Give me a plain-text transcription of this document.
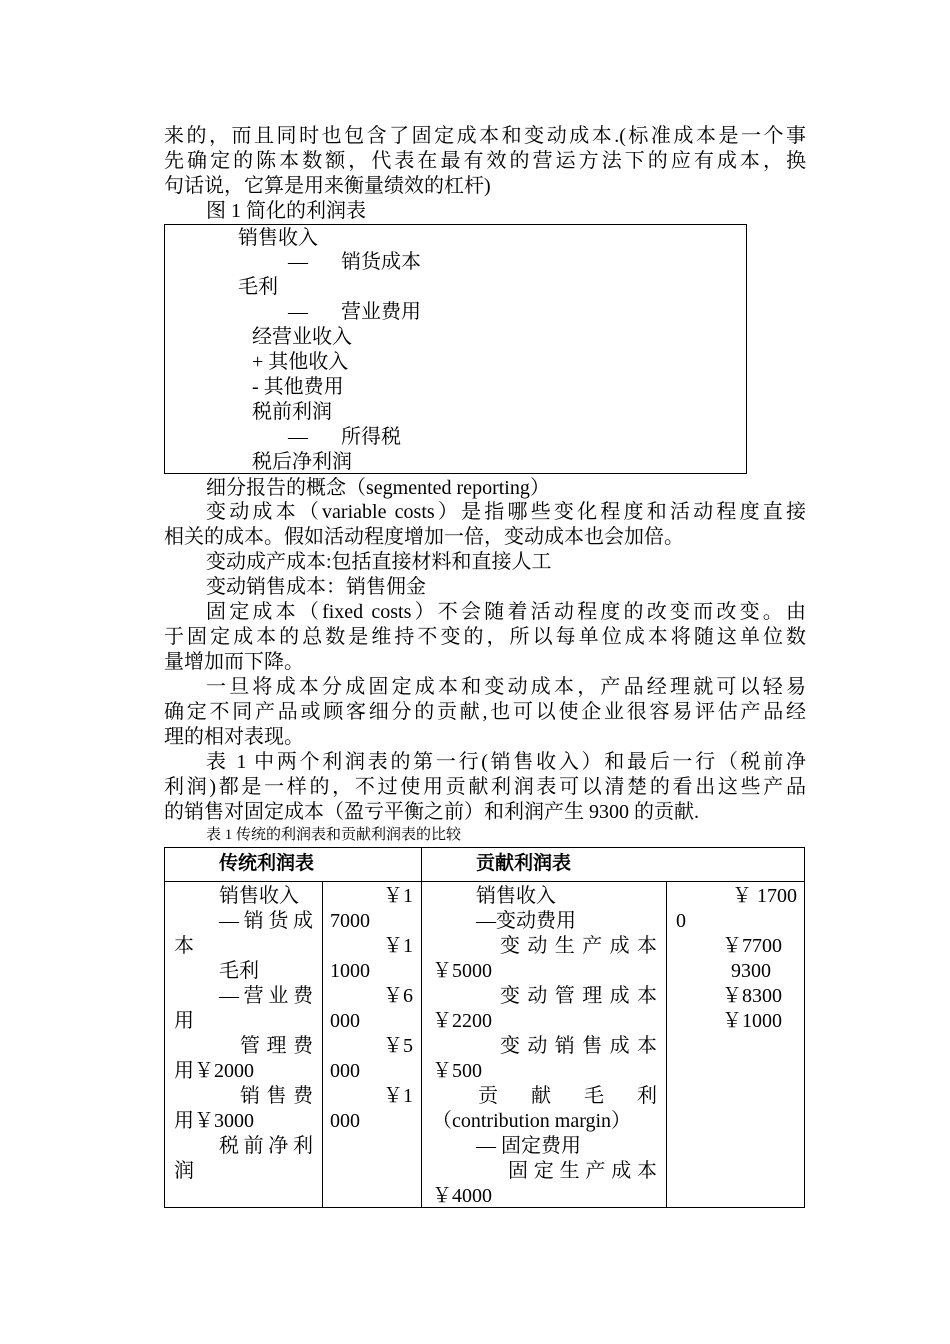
来的，而且同时也包含了固定成本和变动成本.(标准成本是一个事
先确定的陈本数额，代表在最有效的营运方法下的应有成本，换
句话说，它算是用来衡量绩效的杠杆)
图 1 简化的利润表
销售收入
— 销货成本
毛利
— 营业费用
经营业收入
+ 其他收入
- 其他费用
税前利润
— 所得税
税后净利润
细分报告的概念（segmented reporting）
变动成本（variable costs）是指哪些变化程度和活动程度直接
相关的成本。假如活动程度增加一倍，变动成本也会加倍。
变动成产成本:包括直接材料和直接人工
变动销售成本：销售佣金
固定成本（fixed costs）不会随着活动程度的改变而改变。由
于固定成本的总数是维持不变的，所以每单位成本将随这单位数
量增加而下降。
一旦将成本分成固定成本和变动成本，产品经理就可以轻易
确定不同产品或顾客细分的贡献,也可以使企业很容易评估产品经
理的相对表现。
表 1 中两个利润表的第一行(销售收入）和最后一行（税前净
利润)都是一样的，不过使用贡献利润表可以清楚的看出这些产品
的销售对固定成本（盈亏平衡之前）和利润产生 9300 的贡献.
表 1 传统的利润表和贡献利润表的比较
传统利润表	贡献利润表
销售收入
—销货成
本
毛利
—营业费
用
管理费
用￥2000
销售费
用￥3000
税前净利
润
￥1
7000
￥1
1000
￥6
000
￥5
000
￥1
000
销售收入
—变动费用
变动生产成本
￥5000
变动管理成本
￥2200
变动销售成本
￥500
贡献毛利
（contribution margin）
— 固定费用
固定生产成本
￥4000
￥ 1700
0
￥7700
9300
￥8300
￥1000
